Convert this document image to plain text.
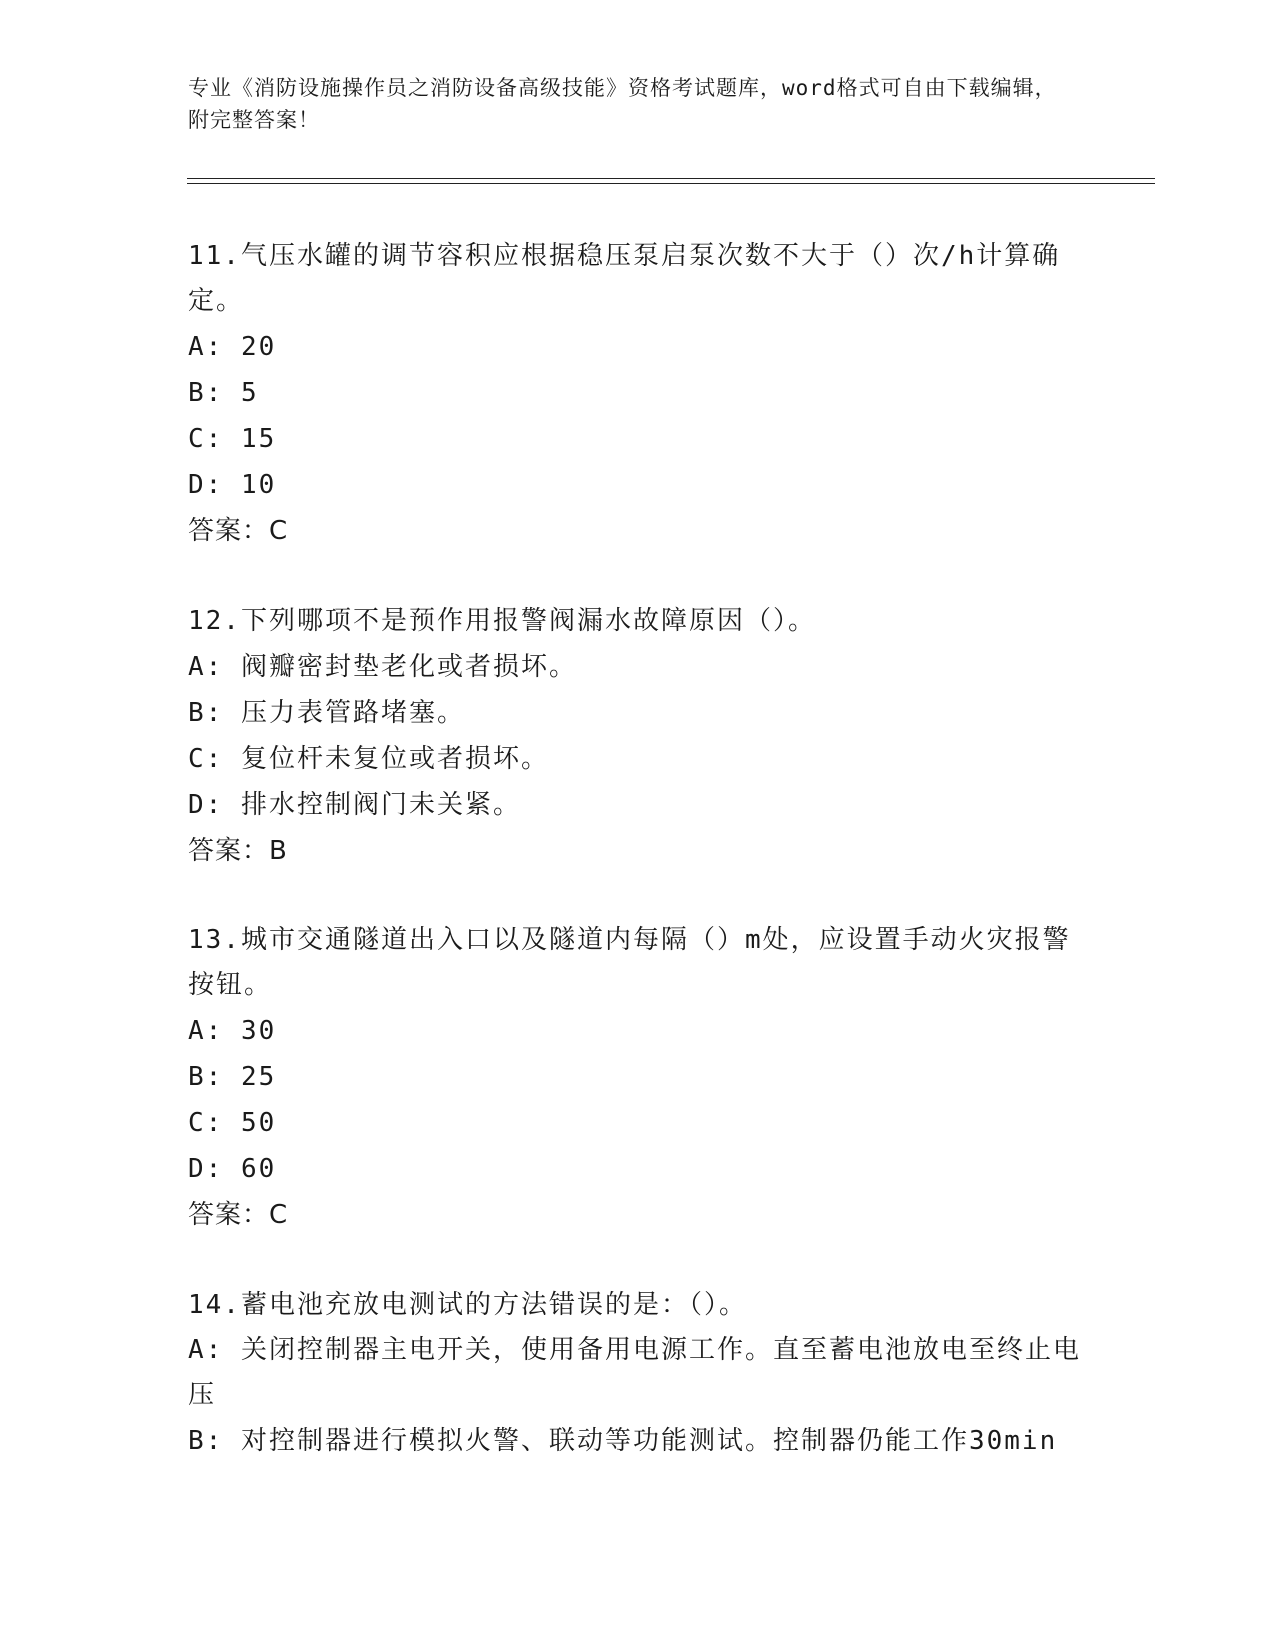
专业《消防设施操作员之消防设备高级技能》资格考试题库，word格式可自由下载编辑，附完整答案！
11.气压水罐的调节容积应根据稳压泵启泵次数不大于（）次/h计算确定。
A: 20
B: 5
C: 15
D: 10
答案：C
12.下列哪项不是预作用报警阀漏水故障原因（）。
A: 阀瓣密封垫老化或者损坏。
B: 压力表管路堵塞。
C: 复位杆未复位或者损坏。
D: 排水控制阀门未关紧。
答案：B
13.城市交通隧道出入口以及隧道内每隔（）m处，应设置手动火灾报警按钮。
A: 30
B: 25
C: 50
D: 60
答案：C
14.蓄电池充放电测试的方法错误的是：（）。
A: 关闭控制器主电开关，使用备用电源工作。直至蓄电池放电至终止电压
B: 对控制器进行模拟火警、联动等功能测试。控制器仍能工作30min
